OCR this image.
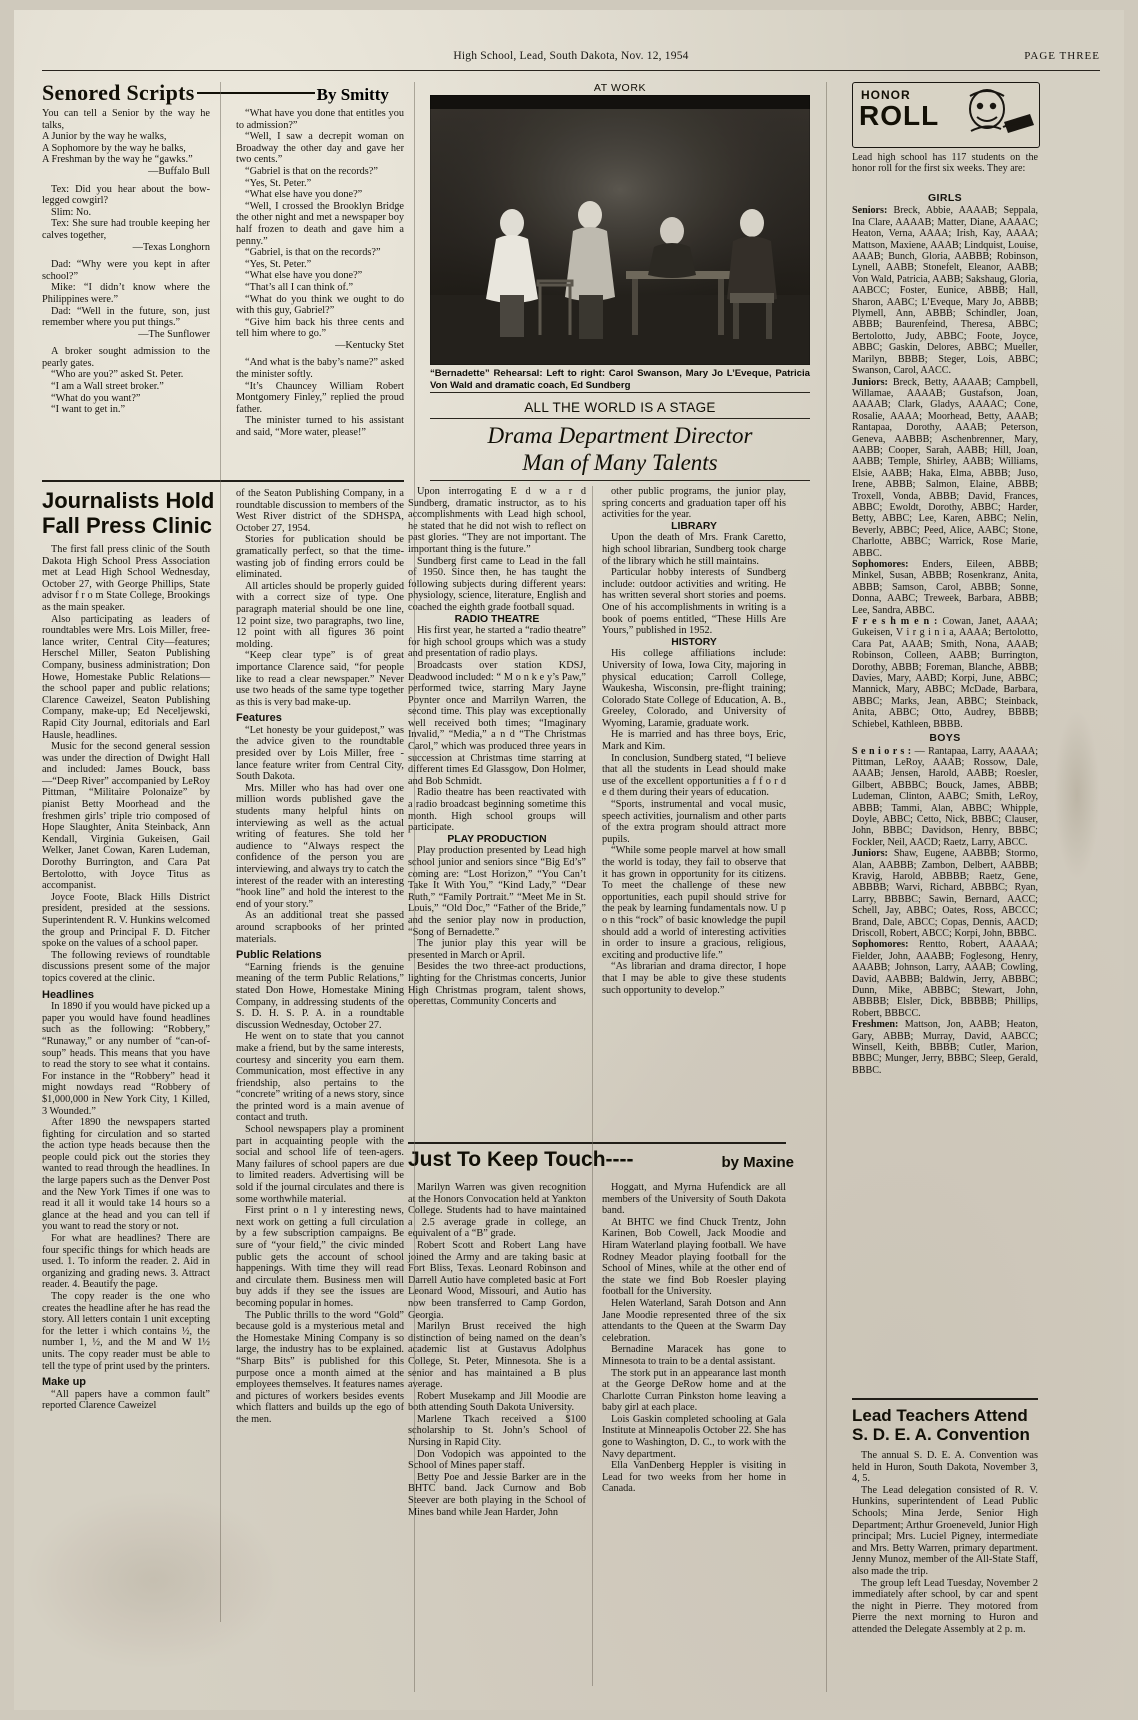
High School, Lead, South Dakota, Nov. 12, 1954	PAGE THREE
Senored Scripts	By Smitty

You can tell a Senior by the way he talks,

A Junior by the way he walks,

A Sophomore by the way he balks,

A Freshman by the way he “gawks.”

—Buffalo Bull

Tex: Did you hear about the bow-legged cowgirl?

Slim: No.

Tex: She sure had trouble keeping her calves together,

—Texas Longhorn

Dad: “Why were you kept in after school?”

Mike: “I didn’t know where the Philippines were.”

Dad: “Well in the future, son, just remember where you put things.”

—The Sunflower

A broker sought admission to the pearly gates.

“Who are you?” asked St. Peter.

“I am a Wall street broker.”

“What do you want?”

“I want to get in.”

“What have you done that entitles you to admission?”

“Well, I saw a decrepit woman on Broadway the other day and gave her two cents.”

“Gabriel is that on the records?”

“Yes, St. Peter.”

“What else have you done?”

“Well, I crossed the Brooklyn Bridge the other night and met a newspaper boy half frozen to death and gave him a penny.”

“Gabriel, is that on the records?”

“Yes, St. Peter.”

“What else have you done?”

“That’s all I can think of.”

“What do you think we ought to do with this guy, Gabriel?”

“Give him back his three cents and tell him where to go.”

—Kentucky Stet

“And what is the baby’s name?” asked the minister softly.

“It’s Chauncey William Robert Montgomery Finley,” replied the proud father.

The minister turned to his assistant and said, “More water, please!”

AT WORK
“Bernadette” Rehearsal: Left to right: Carol Swanson, Mary Jo L’Eveque, Patricia Von Wald and dramatic coach, Ed Sundberg
ALL THE WORLD IS A STAGE
Drama Department Director
Man of Many Talents

Upon interrogating E d w a r d Sundberg, dramatic instructor, as to his accomplishments with Lead high school, he stated that he did not wish to reflect on past glories. “They are not important. The important thing is the future.”

Sundberg first came to Lead in the fall of 1950. Since then, he has taught the following subjects during different years: physiology, science, literature, English and coached the eighth grade football squad.

RADIO THEATRE

His first year, he started a “radio theatre” for high school groups which was a study and presentation of radio plays.

Broadcasts over station KDSJ, Deadwood included: “ M o n k e y’s Paw,” performed twice, starring Mary Jayne Poynter once and Marrilyn Warren, the second time. This play was exceptionally well received both times; “Imaginary Invalid,” “Media,” a n d “The Christmas Carol,” which was produced three years in succession at Christmas time starring at different times Ed Glassgow, Don Holmer, and Bob Schmidt.

Radio theatre has been reactivated with a radio broadcast beginning sometime this month. High school groups will participate.

PLAY PRODUCTION

Play production presented by Lead high school junior and seniors since “Big Ed’s” coming are: “Lost Horizon,” “You Can’t Take It With You,” “Kind Lady,” “Dear Ruth,” “Family Portrait.” “Meet Me in St. Louis,” “Old Doc,” “Father of the Bride,” and the senior play now in production, “Song of Bernadette.”

The junior play this year will be presented in March or April.

Besides the two three-act productions, lighting for the Christmas concerts, Junior High Christmas program, talent shows, operettas, Community Concerts and

other public programs, the junior play, spring concerts and graduation taper off his activities for the year.

LIBRARY

Upon the death of Mrs. Frank Caretto, high school librarian, Sundberg took charge of the library which he still maintains.

Particular hobby interests of Sundberg include: outdoor activities and writing. He has written several short stories and poems. One of his accomplishments in writing is a book of poems entitled, “These Hills Are Yours,” published in 1952.

HISTORY

His college affiliations include: University of Iowa, Iowa City, majoring in physical education; Carroll College, Waukesha, Wisconsin, pre-flight training; Colorado State College of Education, A. B., Greeley, Colorado, and University of Wyoming, Laramie, graduate work.

He is married and has three boys, Eric, Mark and Kim.

In conclusion, Sundberg stated, “I believe that all the students in Lead should make use of the excellent opportunities a f f o r d e d them during their years of education.

“Sports, instrumental and vocal music, speech activities, journalism and other parts of the extra program should attract more pupils.

“While some people marvel at how small the world is today, they fail to observe that it has grown in opportunity for its citizens. To meet the challenge of these new opportunities, each pupil should strive for the peak by learning fundamentals now. U p o n this “rock” of basic knowledge the pupil should add a world of interesting activities in order to insure a gracious, religious, exciting and productive life.”

“As librarian and drama director, I hope that I may be able to give these students such opportunity to develop.”

Journalists Hold
Fall Press Clinic

The first fall press clinic of the South Dakota High School Press Association met at Lead High School Wednesday, October 27, with George Phillips, State advisor f r o m State College, Brookings as the main speaker.

Also participating as leaders of roundtables were Mrs. Lois Miller, free-lance writer, Central City—features; Herschel Miller, Seaton Publishing Company, business administration; Don Howe, Homestake Public Relations—the school paper and public relations; Clarence Caweizel, Seaton Publishing Company, make-up; Ed Neceljewski, Rapid City Journal, editorials and Earl Hausle, headlines.

Music for the second general session was under the direction of Dwight Hall and included: James Bouck, bass—“Deep River” accompanied by LeRoy Pittman, “Militaire Polonaize” by pianist Betty Moorhead and the freshmen girls’ triple trio composed of Hope Slaughter, Anita Steinback, Ann Kendall, Virginia Gukeisen, Gail Welker, Janet Cowan, Karen Ludeman, Dorothy Burrington, and Cara Pat Bertolotto, with Joyce Titus as accompanist.

Joyce Foote, Black Hills District president, presided at the sessions. Superintendent R. V. Hunkins welcomed the group and Principal F. D. Fitcher spoke on the values of a school paper.

The following reviews of roundtable discussions present some of the major topics covered at the clinic.

Headlines

In 1890 if you would have picked up a paper you would have found headlines such as the following: “Robbery,” “Runaway,” or any number of “can-of-soup” heads. This means that you have to read the story to see what it contains. For instance in the “Robbery” head it might nowdays read “Robbery of $1,000,000 in New York City, 1 Killed, 3 Wounded.”

After 1890 the newspapers started fighting for circulation and so started the action type heads because then the people could pick out the stories they wanted to read through the headlines. In the large papers such as the Denver Post and the New York Times if one was to read it all it would take 14 hours so a glance at the head and you can tell if you want to read the story or not.

For what are headlines? There are four specific things for which heads are used. 1. To inform the reader. 2. Aid in organizing and grading news. 3. Attract reader. 4. Beautify the page.

The copy reader is the one who creates the headline after he has read the story. All letters contain 1 unit excepting for the letter i which contains ½, the number 1, ½, and the M and W 1½ units. The copy reader must be able to tell the type of print used by the printers.

Make up

“All papers have a common fault” reported Clarence Caweizel

of the Seaton Publishing Company, in a roundtable discussion to members of the West River district of the SDHSPA, October 27, 1954.

Stories for publication should be gramatically perfect, so that the time-wasting job of finding errors could be eliminated.

All articles should be properly guided with a correct size of type. One paragraph material should be one line, 12 point size, two paragraphs, two line, 12 point with all figures 36 point molding.

“Keep clear type” is of great importance Clarence said, “for people like to read a clear newspaper.” Never use two heads of the same type together as this is very bad make-up.

Features

“Let honesty be your guidepost,” was the advice given to the roundtable presided over by Lois Miller, free - lance feature writer from Central City, South Dakota.

Mrs. Miller who has had over one million words published gave the students many helpful hints on interviewing as well as the actual writing of features. She told her audience to “Always respect the confidence of the person you are interviewing, and always try to catch the interest of the reader with an interesting “hook line” and hold the interest to the end of your story.”

As an additional treat she passed around scrapbooks of her printed materials.

Public Relations

“Earning friends is the genuine meaning of the term Public Relations,” stated Don Howe, Homestake Mining Company, in addressing students of the S. D. H. S. P. A. in a roundtable discussion Wednesday, October 27.

He went on to state that you cannot make a friend, but by the same interests, courtesy and sincerity you earn them. Communication, most effective in any friendship, also pertains to the “concrete” writing of a news story, since the printed word is a main avenue of contact and truth.

School newspapers play a prominent part in acquainting people with the social and school life of teen-agers. Many failures of school papers are due to limited readers. Advertising will be sold if the journal circulates and there is some worthwhile material.

First print o n l y interesting news, next work on getting a full circulation by a few subscription campaigns. Be sure of “your field,” the civic minded public gets the account of school happenings. With time they will read and circulate them. Business men will buy adds if they see the issues are becoming popular in homes.

The Public thrills to the word “Gold” because gold is a mysterious metal and the Homestake Mining Company is so large, the industry has to be explained. “Sharp Bits” is published for this purpose once a month aimed at the employees themselves. It features names and pictures of workers besides events which flatters and builds up the ego of the men.

Just To Keep Touch----	by Maxine

Marilyn Warren was given recognition at the Honors Convocation held at Yankton College. Students had to have maintained a 2.5 average grade in college, an equivalent of a “B” grade.

Robert Scott and Robert Lang have joined the Army and are taking basic at Fort Bliss, Texas. Leonard Robinson and Darrell Autio have completed basic at Fort Leonard Wood, Missouri, and Autio has now been transferred to Camp Gordon, Georgia.

Marilyn Brust received the high distinction of being named on the dean’s academic list at Gustavus Adolphus College, St. Peter, Minnesota. She is a senior and has maintained a B plus average.

Robert Musekamp and Jill Moodie are both attending South Dakota University.

Marlene Tkach received a $100 scholarship to St. John’s School of Nursing in Rapid City.

Don Vodopich was appointed to the School of Mines paper staff.

Betty Poe and Jessie Barker are in the BHTC band. Jack Curnow and Bob Steever are both playing in the School of Mines band while Jean Harder, John

Hoggatt, and Myrna Hufendick are all members of the University of South Dakota band.

At BHTC we find Chuck Trentz, John Karinen, Bob Cowell, Jack Moodie and Hiram Waterland playing football. We have Rodney Meador playing football for the School of Mines, while at the other end of the state we find Bob Roesler playing football for the University.

Helen Waterland, Sarah Dotson and Ann Jane Moodie represented three of the six attendants to the Queen at the Swarm Day celebration.

Bernadine Maracek has gone to Minnesota to train to be a dental assistant.

The stork put in an appearance last month at the George DeRow home and at the Charlotte Curran Pinkston home leaving a baby girl at each place.

Lois Gaskin completed schooling at Gala Institute at Minneapolis October 22. She has gone to Washington, D. C., to work with the Navy department.

Ella VanDenberg Heppler is visiting in Lead for two weeks from her home in Canada.

HONOR
ROLL
Lead high school has 117 students on the honor roll for the first six weeks. They are:
GIRLS
Seniors: Breck, Abbie, AAAAB; Seppala, Ina Clare, AAAAB; Matter, Diane, AAAAC; Heaton, Verna, AAAA; Irish, Kay, AAAA; Mattson, Maxiene, AAAB; Lindquist, Louise, AAAB; Bunch, Gloria, AABBB; Robinson, Lynell, AABB; Stonefelt, Eleanor, AABB; Von Wald, Patricia, AABB; Sakshaug, Gloria, AABCC; Foster, Eunice, ABBB; Hall, Sharon, AABC; L’Eveque, Mary Jo, ABBB; Plymell, Ann, ABBB; Schindler, Joan, ABBB; Baurenfeind, Theresa, ABBC; Bertolotto, Judy, ABBC; Foote, Joyce, ABBC; Gaskin, Delores, ABBC; Mueller, Marilyn, BBBB; Steger, Lois, ABBC; Swanson, Carol, AACC.
Juniors: Breck, Betty, AAAAB; Campbell, Willamae, AAAAB; Gustafson, Joan, AAAAB; Clark, Gladys, AAAAC; Cone, Rosalie, AAAA; Moorhead, Betty, AAAB; Rantapaa, Dorothy, AAAB; Peterson, Geneva, AABBB; Aschenbrenner, Mary, AABB; Cooper, Sarah, AABB; Hill, Joan, AABB; Temple, Shirley, AABB; Williams, Elsie, AABB; Haka, Elma, ABBB; Juso, Irene, ABBB; Salmon, Elaine, ABBB; Troxell, Vonda, ABBB; David, Frances, ABBC; Ewoldt, Dorothy, ABBC; Harder, Betty, ABBC; Lee, Karen, ABBC; Nelin, Beverly, ABBC; Peed, Alice, AABC; Stone, Charlotte, ABBC; Warrick, Rose Marie, ABBC.
Sophomores: Enders, Eileen, ABBB; Minkel, Susan, ABBB; Rosenkranz, Anita, ABBB; Samson, Carol, ABBB; Sonne, Donna, AABC; Treweek, Barbara, ABBB; Lee, Sandra, ABBC.
F r e s h m e n : Cowan, Janet, AAAA; Gukeisen, V i r g i n i a, AAAA; Bertolotto, Cara Pat, AAAB; Smith, Nona, AAAB; Robinson, Colleen, AABB; Burrington, Dorothy, ABBB; Foreman, Blanche, ABBB; Davies, Mary, AABD; Korpi, June, ABBC; Mannick, Mary, ABBC; McDade, Barbara, ABBC; Marks, Jean, ABBC; Steinback, Anita, ABBC; Otto, Audrey, BBBB; Schiebel, Kathleen, BBBB.
BOYS
S e n i o r s : — Rantapaa, Larry, AAAAA; Pittman, LeRoy, AAAB; Rossow, Dale, AAAB; Jensen, Harold, AABB; Roesler, Gilbert, ABBBC; Bouck, James, ABBB; Ludeman, Clinton, AABC; Smith, LeRoy, ABBB; Tammi, Alan, ABBC; Whipple, Doyle, ABBC; Cetto, Nick, BBBC; Clauser, John, BBBC; Davidson, Henry, BBBC; Fockler, Neil, AACD; Raetz, Larry, ABCC.
Juniors: Shaw, Eugene, AABBB; Stormo, Alan, AABBB; Zambon, Delbert, AABBB; Kravig, Harold, ABBBB; Raetz, Gene, ABBBB; Warvi, Richard, ABBBC; Ryan, Larry, BBBBC; Sawin, Bernard, AACC; Schell, Jay, ABBC; Oates, Ross, ABCCC; Brand, Dale, ABCC; Copas, Dennis, AACD; Driscoll, Robert, ABCC; Korpi, John, BBBC.
Sophomores: Rentto, Robert, AAAAA; Fielder, John, AAABB; Foglesong, Henry, AAABB; Johnson, Larry, AAAB; Cowling, David, AABBB; Baldwin, Jerry, ABBBC; Dunn, Mike, ABBBC; Stewart, John, ABBBB; Elsler, Dick, BBBBB; Phillips, Robert, BBBCC.
Freshmen: Mattson, Jon, AABB; Heaton, Gary, ABBB; Murray, David, AABCC; Winsell, Keith, BBBB; Cutler, Marion, BBBC; Munger, Jerry, BBBC; Sleep, Gerald, BBBC.
Lead Teachers Attend
S. D. E. A. Convention

The annual S. D. E. A. Convention was held in Huron, South Dakota, November 3, 4, 5.

The Lead delegation consisted of R. V. Hunkins, superintendent of Lead Public Schools; Mina Jerde, Senior High Department; Arthur Groeneveld, Junior High principal; Mrs. Luciel Pigney, intermediate and Mrs. Betty Warren, primary department. Jenny Munoz, member of the All-State Staff, also made the trip.

The group left Lead Tuesday, November 2 immediately after school, by car and spent the night in Pierre. They motored from Pierre the next morning to Huron and attended the Delegate Assembly at 2 p. m.
